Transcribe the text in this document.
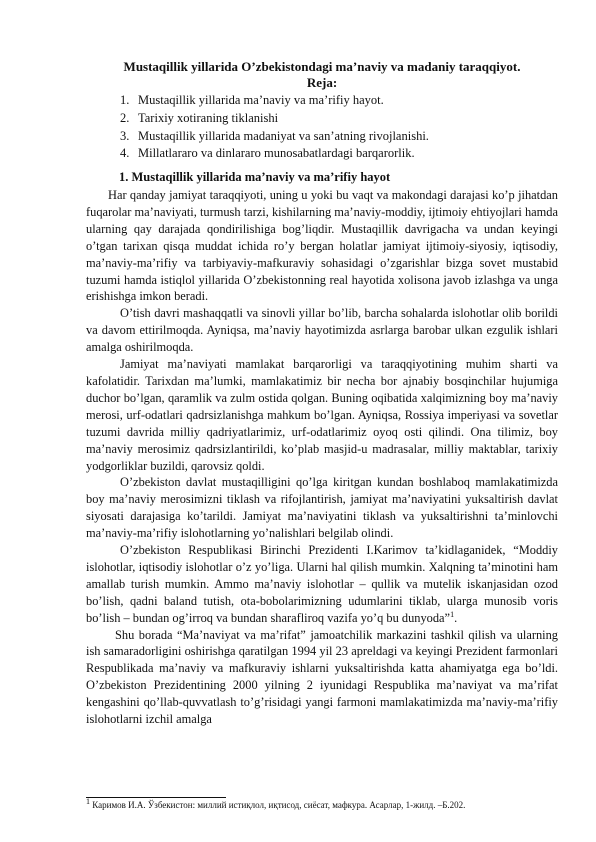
Mustaqillik yillarida O’zbekistondagi ma’naviy va madaniy taraqqiyot.
Reja:
1. Mustaqillik yillarida ma’naviy va ma’rifiy hayot.
2. Tarixiy xotiraning tiklanishi
3. Mustaqillik yillarida madaniyat va san’atning rivojlanishi.
4. Millatlararo va dinlararo munosabatlardagi barqarorlik.
1. Mustaqillik yillarida ma’naviy va ma’rifiy hayot

Har qanday jamiyat taraqqiyoti, uning u yoki bu vaqt va makondagi darajasi ko’p jihatdan fuqarolar ma’naviyati, turmush tarzi, kishilarning ma’naviy-moddiy, ijtimoiy ehtiyojlari hamda ularning qay darajada qondirilishiga bog’liqdir. Mustaqillik davrigacha va undan keyingi o’tgan tarixan qisqa muddat ichida ro’y bergan holatlar jamiyat ijtimoiy-siyosiy, iqtisodiy, ma’naviy-ma’rifiy va tarbiyaviy-mafkuraviy sohasidagi o’zgarishlar bizga sovet mustabid tuzumi hamda istiqlol yillarida O’zbekistonning real hayotida xolisona javob izlashga va unga erishishga imkon beradi.

O’tish davri mashaqqatli va sinovli yillar bo’lib, barcha sohalarda islohotlar olib borildi va davom ettirilmoqda. Ayniqsa, ma’naviy hayotimizda asrlarga barobar ulkan ezgulik ishlari amalga oshirilmoqda.

Jamiyat ma’naviyati mamlakat barqarorligi va taraqqiyotining muhim sharti va kafolatidir. Tarixdan ma’lumki, mamlakatimiz bir necha bor ajnabiy bosqinchilar hujumiga duchor bo’lgan, qaramlik va zulm ostida qolgan. Buning oqibatida xalqimizning boy ma’naviy merosi, urf-odatlari qadrsizlanishga mahkum bo’lgan. Ayniqsa, Rossiya imperiyasi va sovetlar tuzumi davrida milliy qadriyatlarimiz, urf-odatlarimiz oyoq osti qilindi. Ona tilimiz, boy ma’naviy merosimiz qadrsizlantirildi, ko’plab masjid-u madrasalar, milliy maktablar, tarixiy yodgorliklar buzildi, qarovsiz qoldi.

O’zbekiston davlat mustaqilligini qo’lga kiritgan kundan boshlaboq mamlakatimizda boy ma’naviy merosimizni tiklash va rifojlantirish, jamiyat ma’naviyatini yuksaltirish davlat siyosati darajasiga ko’tarildi. Jamiyat ma’naviyatini tiklash va yuksaltirishni ta’minlovchi ma’naviy-ma’rifiy islohotlarning yo’nalishlari belgilab olindi.

O’zbekiston Respublikasi Birinchi Prezidenti I.Karimov ta’kidlaganidek, “Moddiy islohotlar, iqtisodiy islohotlar o’z yo’liga. Ularni hal qilish mumkin. Xalqning ta’minotini ham amallab turish mumkin. Ammo ma’naviy islohotlar – qullik va mutelik iskanjasidan ozod bo’lish, qadni baland tutish, ota-bobolarimizning udumlarini tiklab, ularga munosib voris bo’lish – bundan og’irroq va bundan sharafliroq vazifa yo’q bu dunyoda”$^1$.

Shu borada “Ma’naviyat va ma’rifat” jamoatchilik markazini tashkil qilish va ularning ish samaradorligini oshirishga qaratilgan 1994 yil 23 apreldagi va keyingi Prezident farmonlari Respublikada ma’naviy va mafkuraviy ishlarni yuksaltirishda katta ahamiyatga ega bo’ldi. O’zbekiston Prezidentining 2000 yilning 2 iyunidagi Respublika ma’naviyat va ma’rifat kengashini qo’llab-quvvatlash to’g’risidagi yangi farmoni mamlakatimizda ma’naviy-ma’rifiy islohotlarni izchil amalga

$^1$ Каримов И.А. Ўзбекистон: миллий истиқлол, иқтисод, сиёсат, мафкура. Асарлар, 1-жилд. –Б.202.
